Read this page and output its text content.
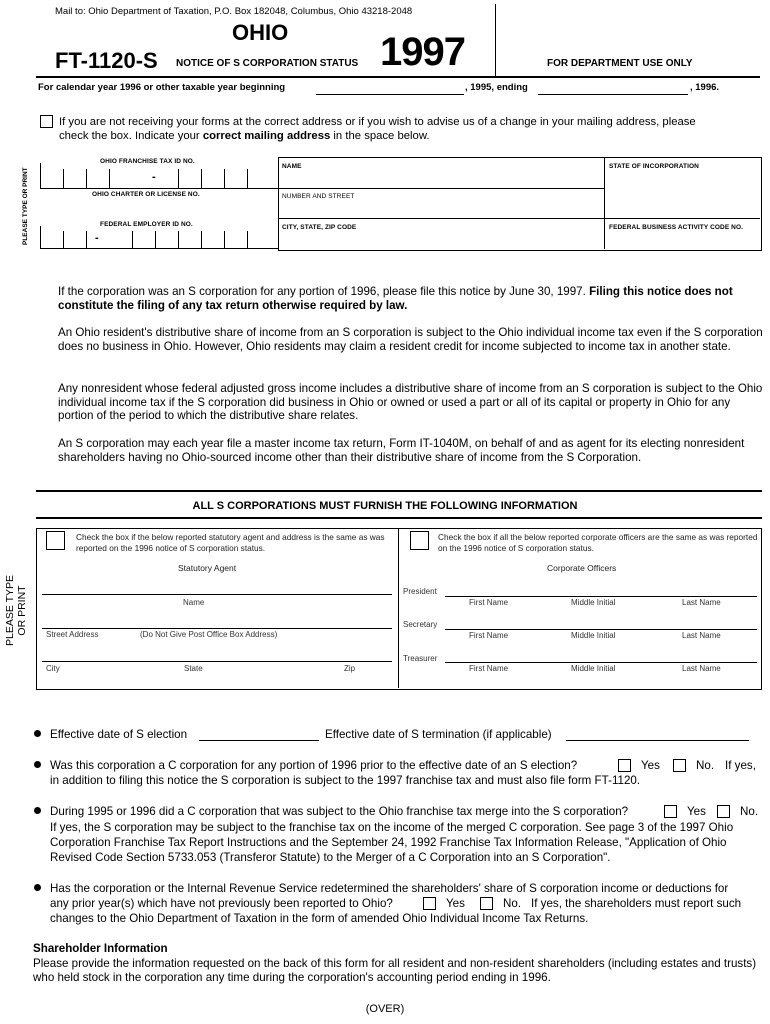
Mail to: Ohio Department of Taxation, P.O. Box 182048, Columbus, Ohio 43218-2048
OHIO
FT-1120-S NOTICE OF S CORPORATION STATUS 1997	FOR DEPARTMENT USE ONLY
For calendar year 1996 or other taxable year beginning	, 1995, ending	, 1996.
If you are not receiving your forms at the correct address or if you wish to advise us of a change in your mailing address, please
check the box. Indicate your correct mailing address in the space below.
PLEASE TYPE OR PRINT
NAME
NUMBER AND STREET
CITY, STATE, ZIP CODE
STATE OF INCORPORATION
FEDERAL BUSINESS ACTIVITY CODE NO.
OHIO FRANCHISE TAX ID NO.
-
OHIO CHARTER OR LICENSE NO.
FEDERAL EMPLOYER ID NO.
-
If the corporation was an S corporation for any portion of 1996, please file this notice by June 30, 1997. Filing this notice does not constitute the filing of any tax return otherwise required by law.
An Ohio resident's distributive share of income from an S corporation is subject to the Ohio individual income tax even if the S corporation does no business in Ohio. However, Ohio residents may claim a resident credit for income subjected to income tax in another state.
Any nonresident whose federal adjusted gross income includes a distributive share of income from an S corporation is subject to the Ohio individual income tax if the S corporation did business in Ohio or owned or used a part or all of its capital or property in Ohio for any portion of the period to which the distributive share relates.
An S corporation may each year file a master income tax return, Form IT-1040M, on behalf of and as agent for its electing nonresident shareholders having no Ohio-sourced income other than their distributive share of income from the S Corporation.
ALL S CORPORATIONS MUST FURNISH THE FOLLOWING INFORMATION
PLEASE TYPE OR PRINT
Check the box if the below reported statutory agent and address is the same as was reported on the 1996 notice of S corporation status.
Statutory Agent
Name
Street Address	(Do Not Give Post Office Box Address)
City	State	Zip
Check the box if all the below reported corporate officers are the same as was reported on the 1996 notice of S corporation status.
Corporate Officers
President
First Name	Middle Initial	Last Name
Secretary
First Name	Middle Initial	Last Name
Treasurer
First Name	Middle Initial	Last Name
Effective date of S election	Effective date of S termination (if applicable)
Was this corporation a C corporation for any portion of 1996 prior to the effective date of an S election?	Yes	No. If yes,
in addition to filing this notice the S corporation is subject to the 1997 franchise tax and must also file form FT-1120.
During 1995 or 1996 did a C corporation that was subject to the Ohio franchise tax merge into the S corporation?	Yes	No.
If yes, the S corporation may be subject to the franchise tax on the income of the merged C corporation. See page 3 of the 1997 Ohio
Corporation Franchise Tax Report Instructions and the September 24, 1992 Franchise Tax Information Release, "Application of Ohio
Revised Code Section 5733.053 (Transferor Statute) to the Merger of a C Corporation into an S Corporation".
Has the corporation or the Internal Revenue Service redetermined the shareholders' share of S corporation income or deductions for
any prior year(s) which have not previously been reported to Ohio?	Yes	No. If yes, the shareholders must report such
changes to the Ohio Department of Taxation in the form of amended Ohio Individual Income Tax Returns.
Shareholder Information
Please provide the information requested on the back of this form for all resident and non-resident shareholders (including estates and trusts) who held stock in the corporation any time during the corporation's accounting period ending in 1996.
(OVER)
